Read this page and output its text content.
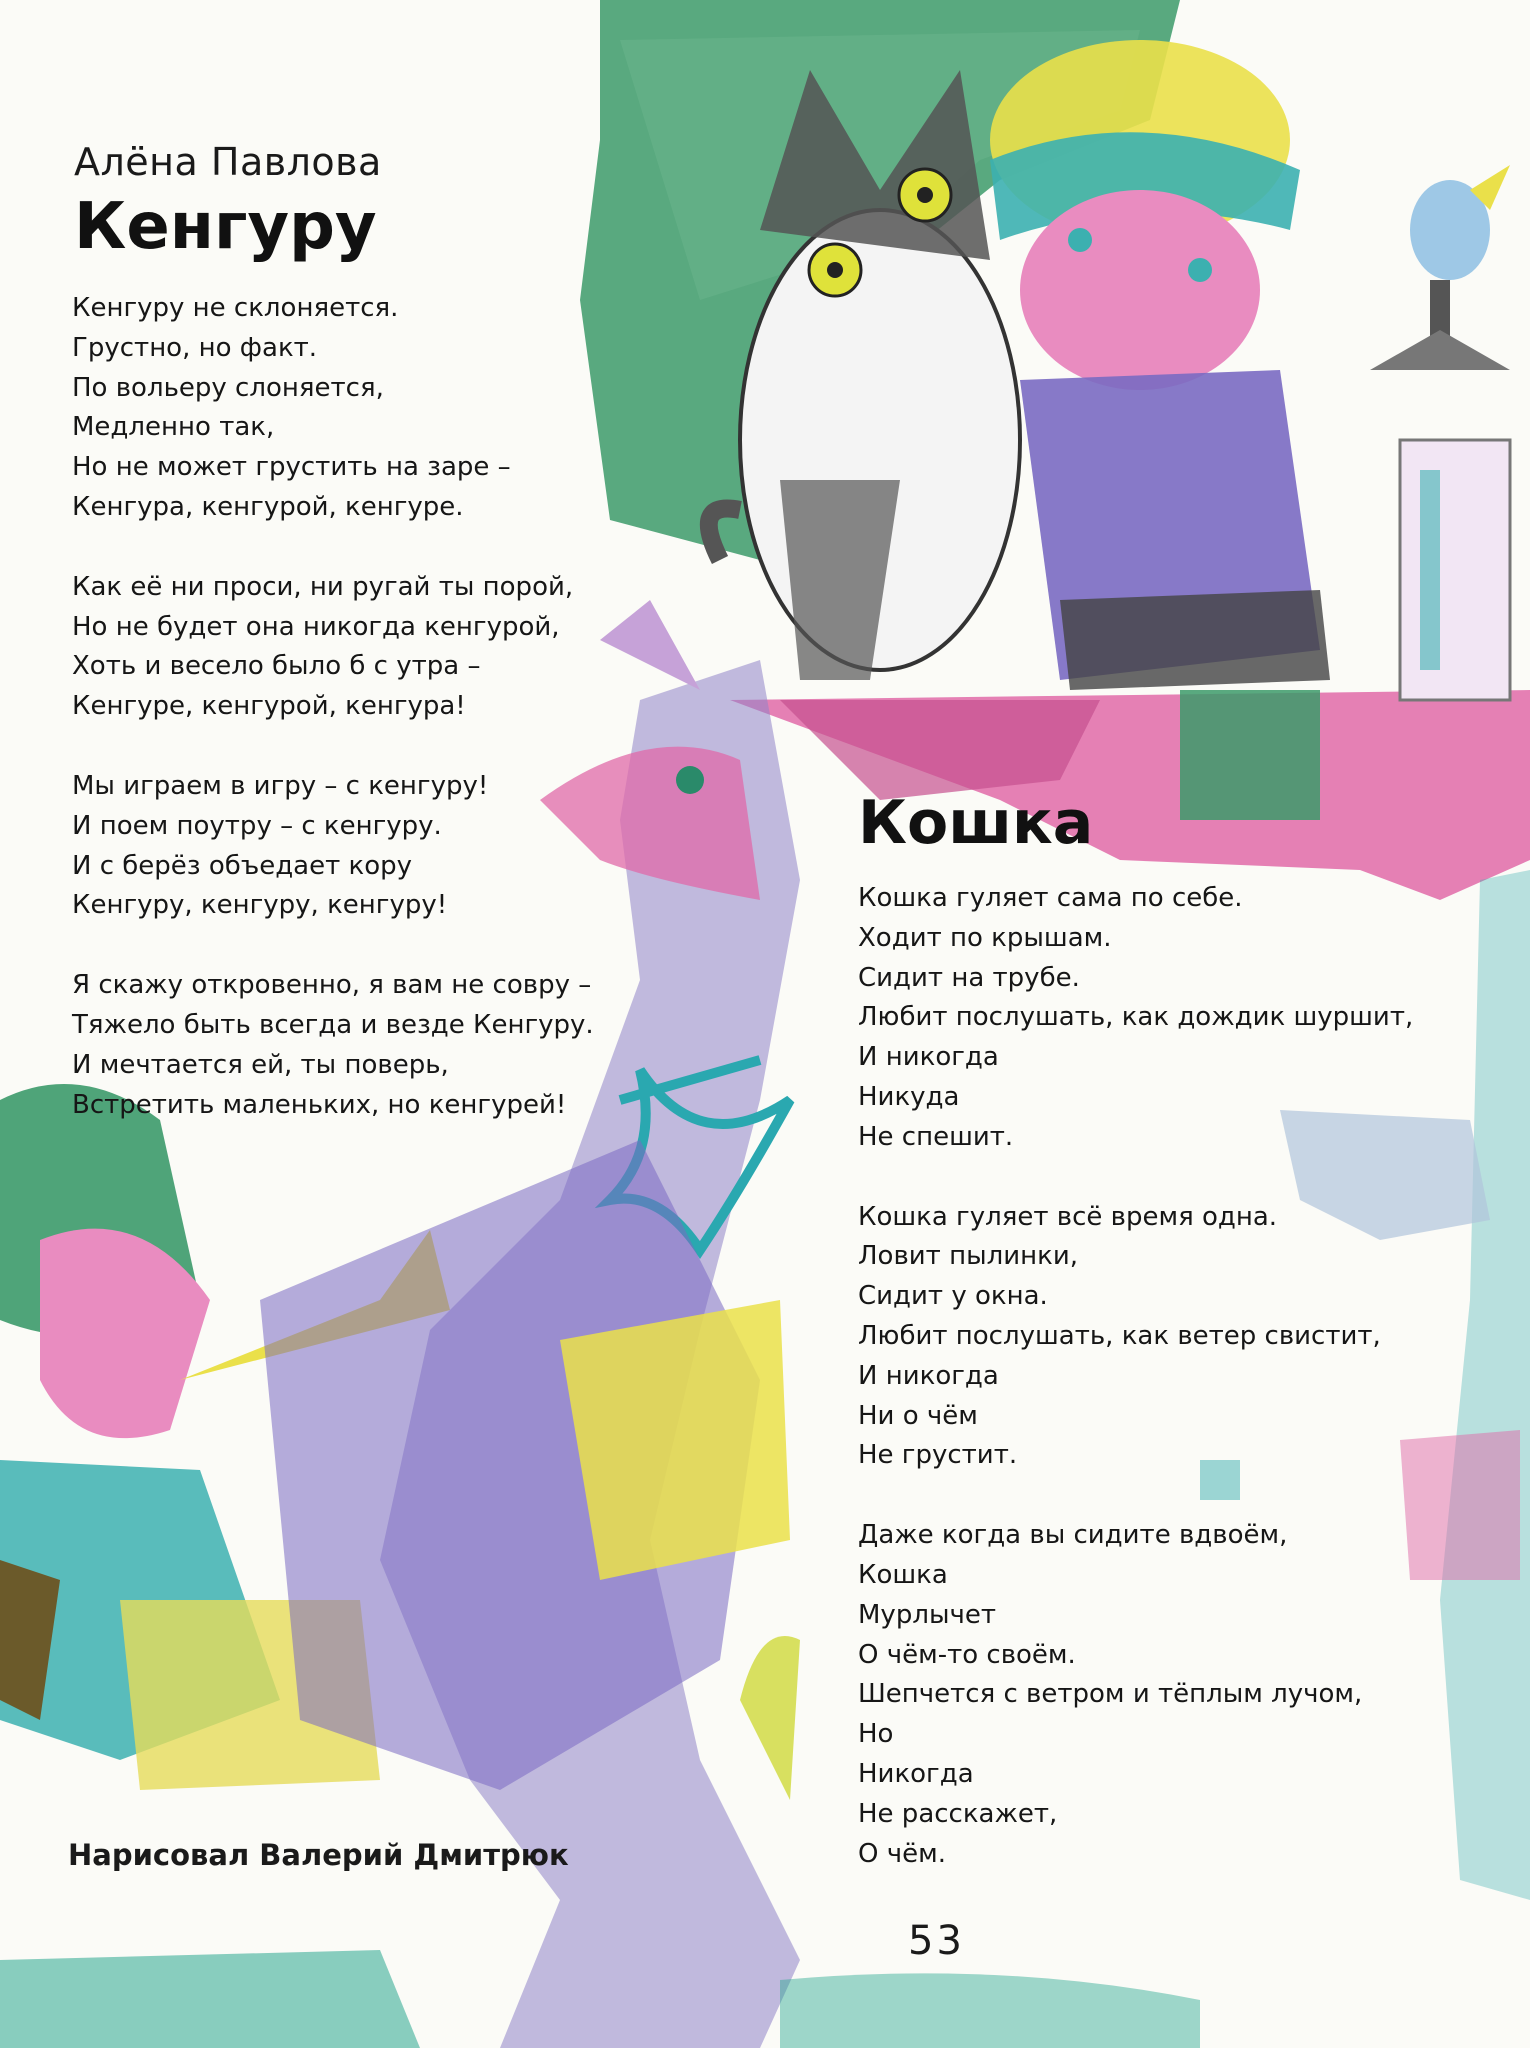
Алёна Павлова
Кенгуру
Кенгуру не склоняется.
Грустно, но факт.
По вольеру слоняется,
Медленно так,
Но не может грустить на заре –
Кенгура, кенгурой, кенгуре.
Как её ни проси, ни ругай ты порой,
Но не будет она никогда кенгурой,
Хоть и весело было б с утра –
Кенгуре, кенгурой, кенгура!
Мы играем в игру – с кенгуру!
И поем поутру – с кенгуру.
И с берёз объедает кору
Кенгуру, кенгуру, кенгуру!
Я скажу откровенно, я вам не совру –
Тяжело быть всегда и везде Кенгуру.
И мечтается ей, ты поверь,
Встретить маленьких, но кенгурей!
Кошка
Кошка гуляет сама по себе.
Ходит по крышам.
Сидит на трубе.
Любит послушать, как дождик шуршит,
И никогда
Никуда
Не спешит.
Кошка гуляет всё время одна.
Ловит пылинки,
Сидит у окна.
Любит послушать, как ветер свистит,
И никогда
Ни о чём
Не грустит.
Даже когда вы сидите вдвоём,
Кошка
Мурлычет
О чём-то своём.
Шепчется с ветром и тёплым лучом,
Но
Никогда
Не расскажет,
О чём.
Нарисовал Валерий Дмитрюк
53
